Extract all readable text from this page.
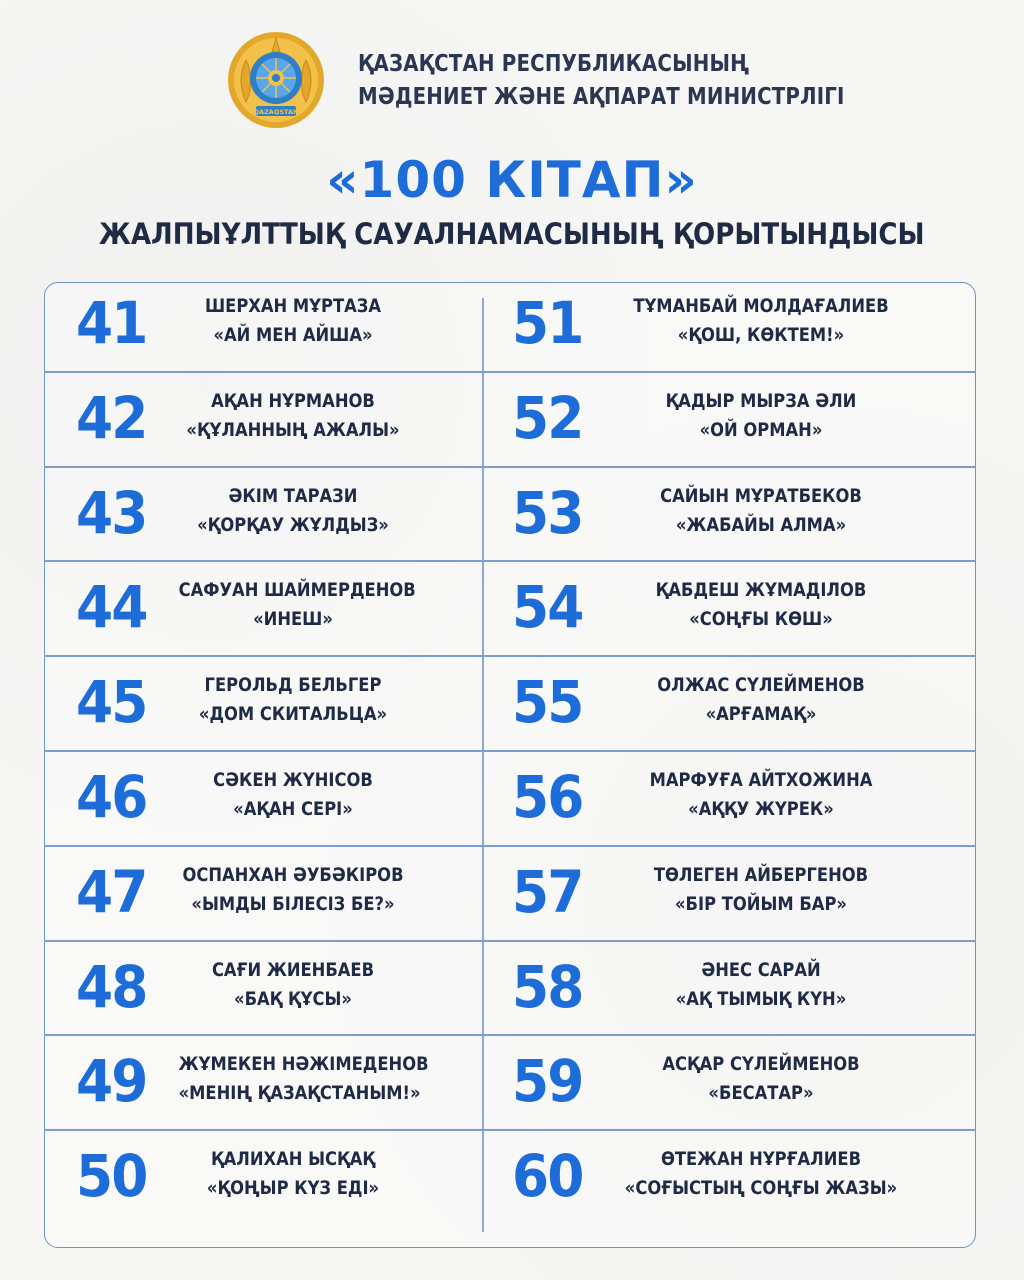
QAZAQSTAN
ҚАЗАҚСТАН РЕСПУБЛИКАСЫНЫҢ
МӘДЕНИЕТ ЖӘНЕ АҚПАРАТ МИНИСТРЛІГІ
«100 КІТАП»
ЖАЛПЫҰЛТТЫҚ САУАЛНАМАСЫНЫҢ ҚОРЫТЫНДЫСЫ
41	ШЕРХАН МҰРТАЗА
«АЙ МЕН АЙША»
42	АҚАН НҰРМАНОВ
«ҚҰЛАННЫҢ АЖАЛЫ»
43	ӘКІМ ТАРАЗИ
«ҚОРҚАУ ЖҰЛДЫЗ»
44 САФУАН ШАЙМЕРДЕНОВ
«ИНЕШ»
45	ГЕРОЛЬД БЕЛЬГЕР
«ДОМ СКИТАЛЬЦА»
46	СӘКЕН ЖҮНІСОВ
«АҚАН СЕРІ»
47 ОСПАНХАН ӘУБӘКІРОВ
«ЫМДЫ БІЛЕСІЗ БЕ?»
48	САҒИ ЖИЕНБАЕВ
«БАҚ ҚҰСЫ»
49 ЖҰМЕКЕН НӘЖІМЕДЕНОВ
«МЕНІҢ ҚАЗАҚСТАНЫМ!»
50	ҚАЛИХАН ЫСҚАҚ
«ҚОҢЫР КҮЗ ЕДІ»
51	ТҰМАНБАЙ МОЛДАҒАЛИЕВ
«ҚОШ, КӨКТЕМ!»
52	ҚАДЫР МЫРЗА ӘЛИ
«ОЙ ОРМАН»
53	САЙЫН МҰРАТБЕКОВ
«ЖАБАЙЫ АЛМА»
54	ҚАБДЕШ ЖҰМАДІЛОВ
«СОҢҒЫ КӨШ»
55	ОЛЖАС СҮЛЕЙМЕНОВ
«АРҒАМАҚ»
56	МАРФУҒА АЙТХОЖИНА
«АҚҚУ ЖҮРЕК»
57	ТӨЛЕГЕН АЙБЕРГЕНОВ
«БІР ТОЙЫМ БАР»
58	ӘНЕС САРАЙ
«АҚ ТЫМЫҚ КҮН»
59	АСҚАР СҮЛЕЙМЕНОВ
«БЕСАТАР»
60	ӨТЕЖАН НҰРҒАЛИЕВ
«СОҒЫСТЫҢ СОҢҒЫ ЖАЗЫ»
